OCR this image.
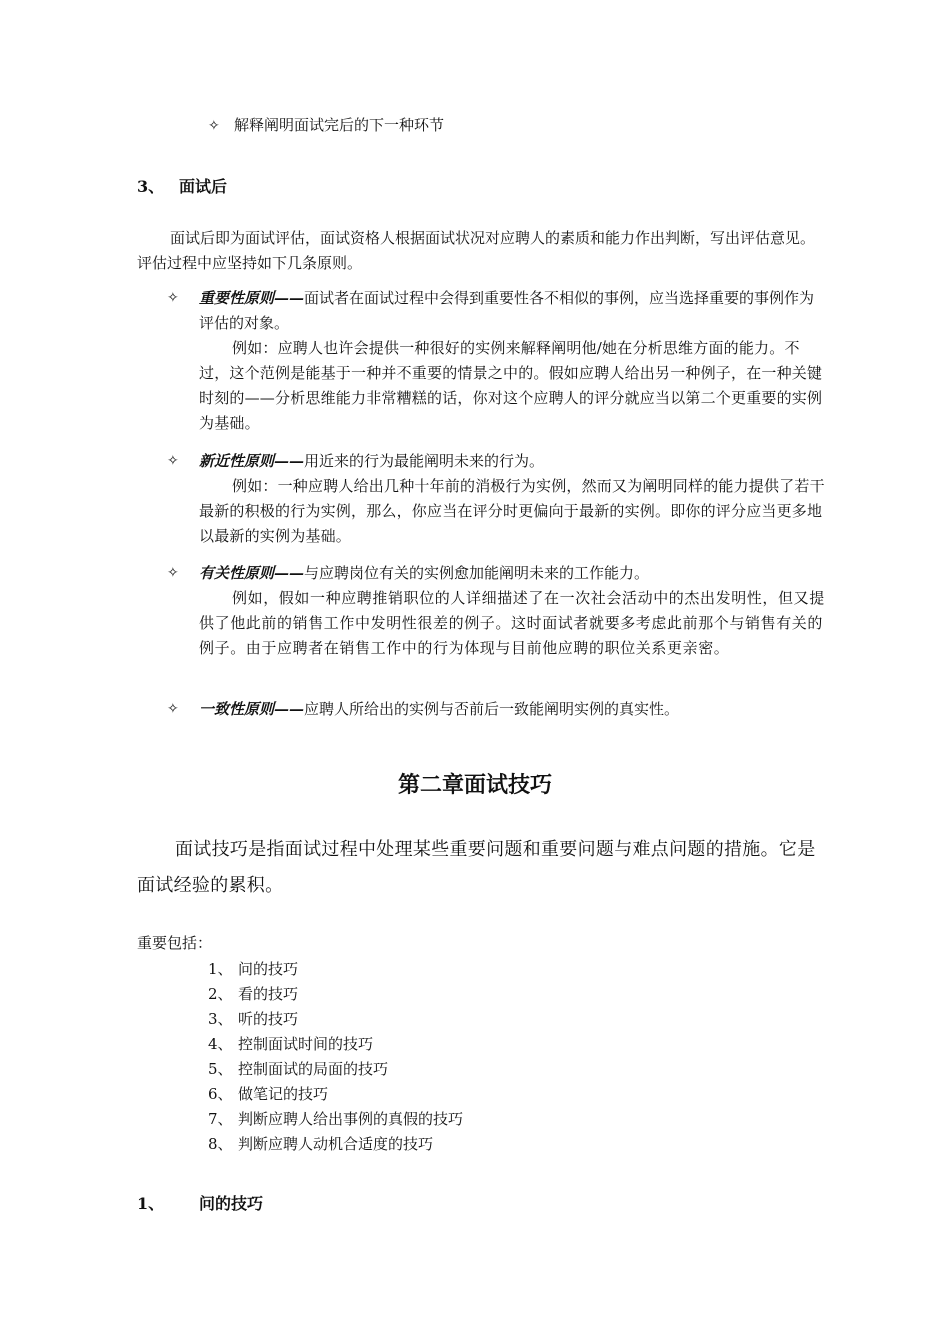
✧ 解释阐明面试完后的下一种环节
3、 面试后

面试后即为面试评估，面试资格人根据面试状况对应聘人的素质和能力作出判断，写出评估意见。评估过程中应坚持如下几条原则。

✧	重要性原则——面试者在面试过程中会得到重要性各不相似的事例，应当选择重要的事例作为评估的对象。
例如：应聘人也许会提供一种很好的实例来解释阐明他/她在分析思维方面的能力。不过，这个范例是能基于一种并不重要的情景之中的。假如应聘人给出另一种例子，在一种关键时刻的——分析思维能力非常糟糕的话，你对这个应聘人的评分就应当以第二个更重要的实例为基础。
✧	新近性原则——用近来的行为最能阐明未来的行为。
例如：一种应聘人给出几种十年前的消极行为实例，然而又为阐明同样的能力提供了若干最新的积极的行为实例，那么，你应当在评分时更偏向于最新的实例。即你的评分应当更多地以最新的实例为基础。
✧	有关性原则——与应聘岗位有关的实例愈加能阐明未来的工作能力。
例如，假如一种应聘推销职位的人详细描述了在一次社会活动中的杰出发明性，但又提供了他此前的销售工作中发明性很差的例子。这时面试者就要多考虑此前那个与销售有关的例子。由于应聘者在销售工作中的行为体现与目前他应聘的职位关系更亲密。
✧	一致性原则——应聘人所给出的实例与否前后一致能阐明实例的真实性。
第二章面试技巧

面试技巧是指面试过程中处理某些重要问题和重要问题与难点问题的措施。它是面试经验的累积。

重要包括：
1、 问的技巧
2、 看的技巧
3、 听的技巧
4、 控制面试时间的技巧
5、 控制面试的局面的技巧
6、 做笔记的技巧
7、 判断应聘人给出事例的真假的技巧
8、 判断应聘人动机合适度的技巧
1、 问的技巧
